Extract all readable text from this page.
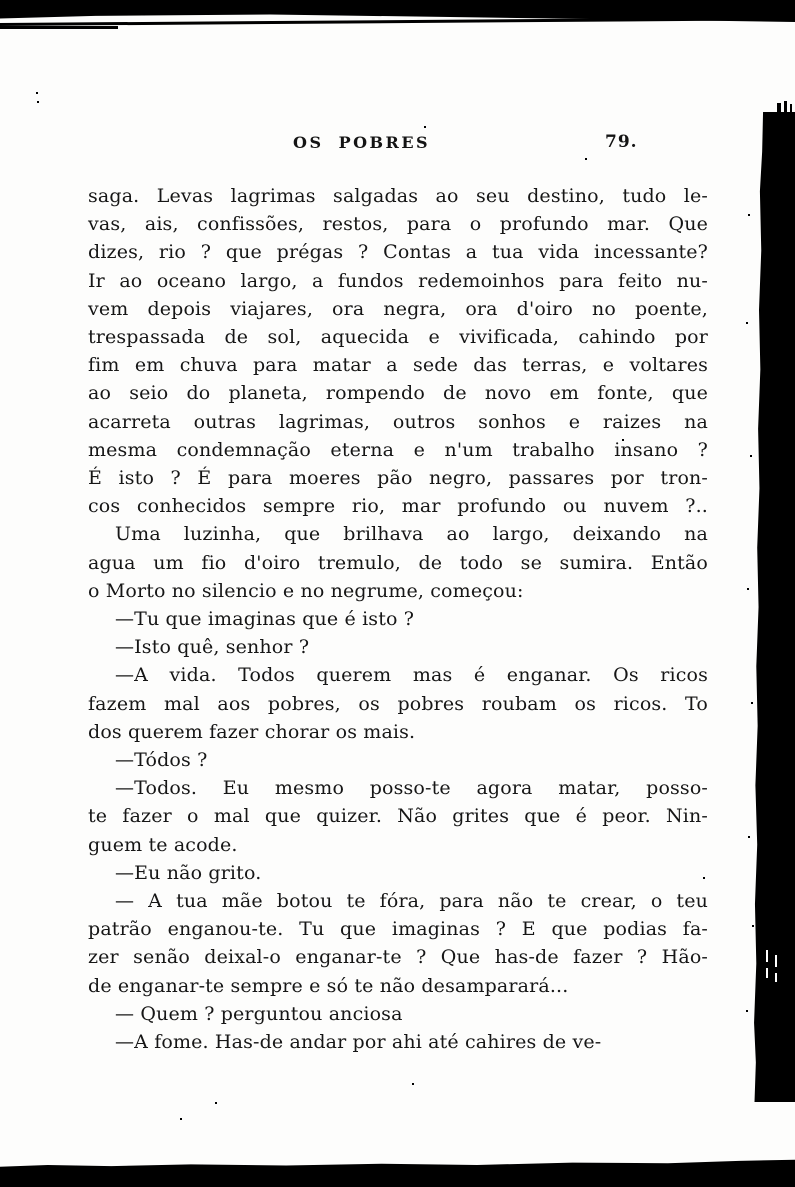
OS POBRES	79.
saga. Levas lagrimas salgadas ao seu destino, tudo le-
vas, ais, confissões, restos, para o profundo mar. Que
dizes, rio ? que prégas ? Contas a tua vida incessante?
Ir ao oceano largo, a fundos redemoinhos para feito nu-
vem depois viajares, ora negra, ora d'oiro no poente,
trespassada de sol, aquecida e vivificada, cahindo por
fim em chuva para matar a sede das terras, e voltares
ao seio do planeta, rompendo de novo em fonte, que
acarreta outras lagrimas, outros sonhos e raizes na
mesma condemnação eterna e n'um trabalho insano ?
É isto ? É para moeres pão negro, passares por tron-
cos conhecidos sempre rio, mar profundo ou nuvem ?..
Uma luzinha, que brilhava ao largo, deixando na
agua um fio d'oiro tremulo, de todo se sumira. Então
o Morto no silencio e no negrume, começou:
—Tu que imaginas que é isto ?
—Isto quê, senhor ?
—A vida. Todos querem mas é enganar. Os ricos
fazem mal aos pobres, os pobres roubam os ricos. To
dos querem fazer chorar os mais.
—Tódos ?
—Todos. Eu mesmo posso-te agora matar, posso-
te fazer o mal que quizer. Não grites que é peor. Nin-
guem te acode.
—Eu não grito.
— A tua mãe botou te fóra, para não te crear, o teu
patrão enganou-te. Tu que imaginas ? E que podias fa-
zer senão deixal-o enganar-te ? Que has-de fazer ? Hão-
de enganar-te sempre e só te não desamparará...
— Quem ? perguntou anciosa
—A fome. Has-de andar por ahi até cahires de ve-
